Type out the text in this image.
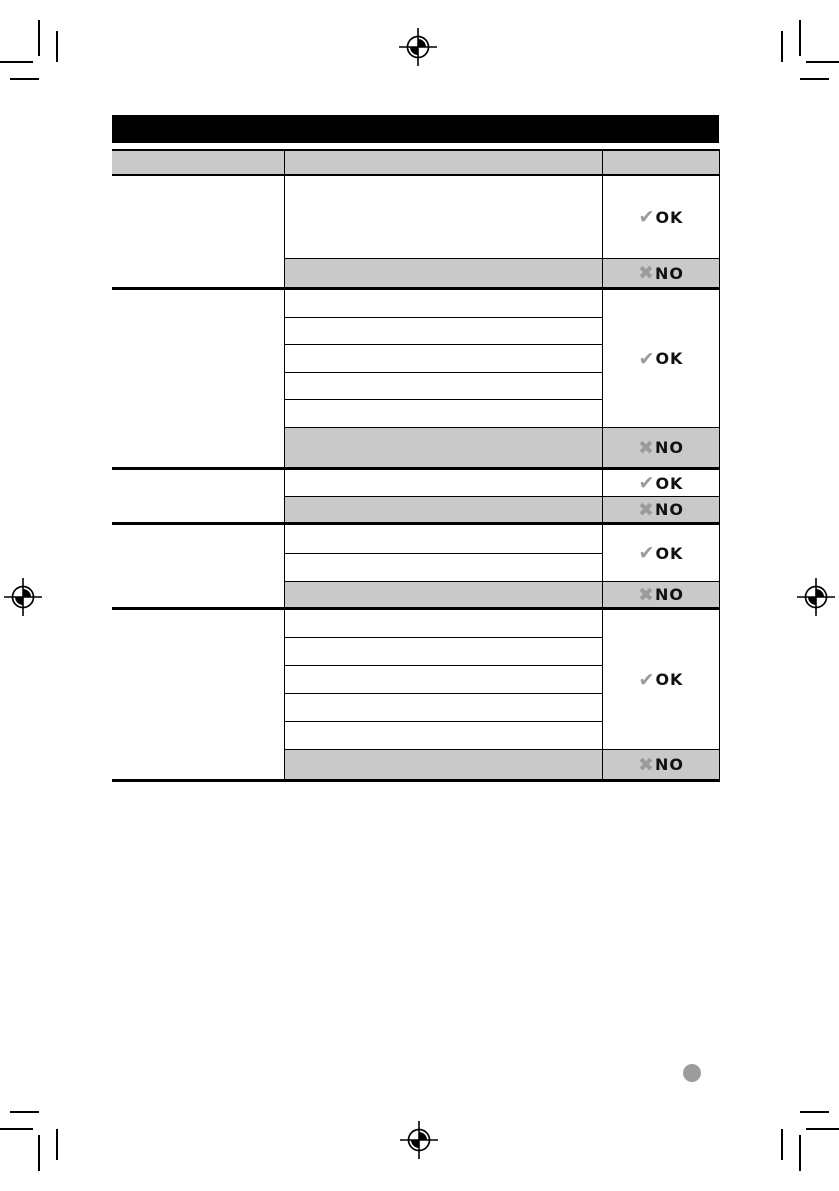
✔ OK
✖ NO
✔ OK
✖ NO
✔ OK
✖ NO
✔ OK
✖ NO
✔ OK
✖ NO
